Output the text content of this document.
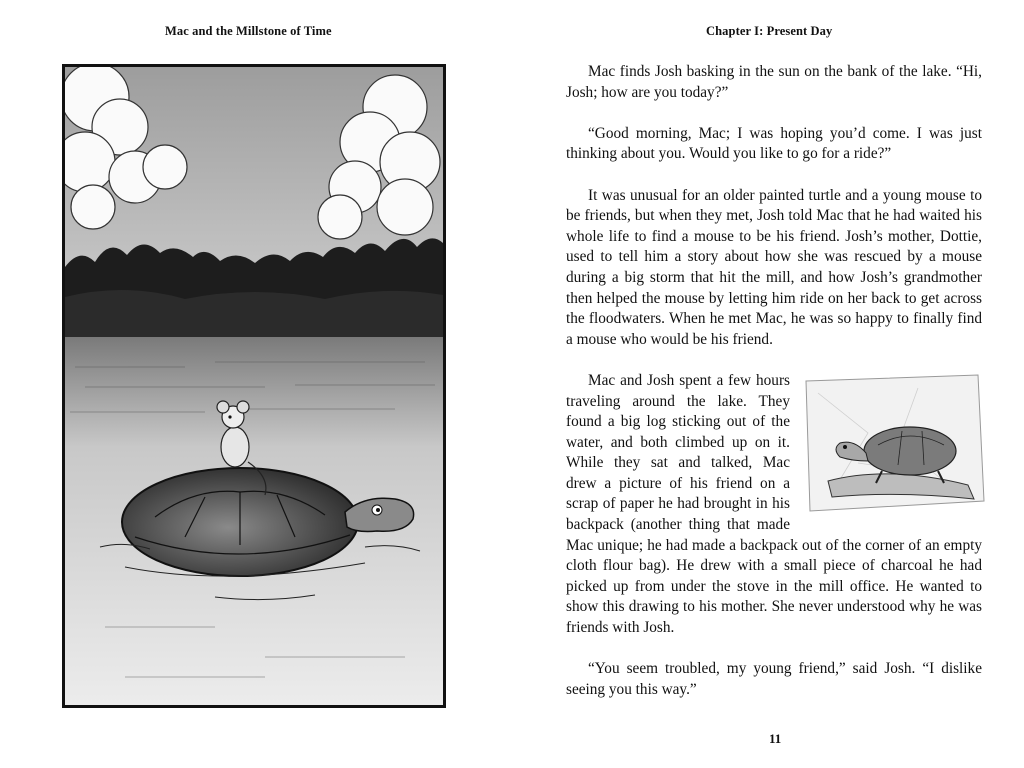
Mac and the Millstone of Time	Chapter I: Present Day

Mac finds Josh basking in the sun on the bank of the lake. “Hi, Josh; how are you today?”

“Good morning, Mac; I was hoping you’d come. I was just thinking about you. Would you like to go for a ride?”

It was unusual for an older painted turtle and a young mouse to be friends, but when they met, Josh told Mac that he had waited his whole life to find a mouse to be his friend. Josh’s mother, Dottie, used to tell him a story about how she was rescued by a mouse during a big storm that hit the mill, and how Josh’s grandmother then helped the mouse by letting him ride on her back to get across the floodwaters. When he met Mac, he was so happy to finally find a mouse who would be his friend.

Mac and Josh spent a few hours traveling around the lake. They found a big log sticking out of the water, and both climbed up on it. While they sat and talked, Mac drew a picture of his friend on a scrap of paper he had brought in his backpack (another thing that made Mac unique; he had made a backpack out of the corner of an empty cloth flour bag). He drew with a small piece of charcoal he had picked up from under the stove in the mill office. He wanted to show this drawing to his mother. She never understood why he was friends with Josh.

“You seem troubled, my young friend,” said Josh. “I dislike seeing you this way.”

11
